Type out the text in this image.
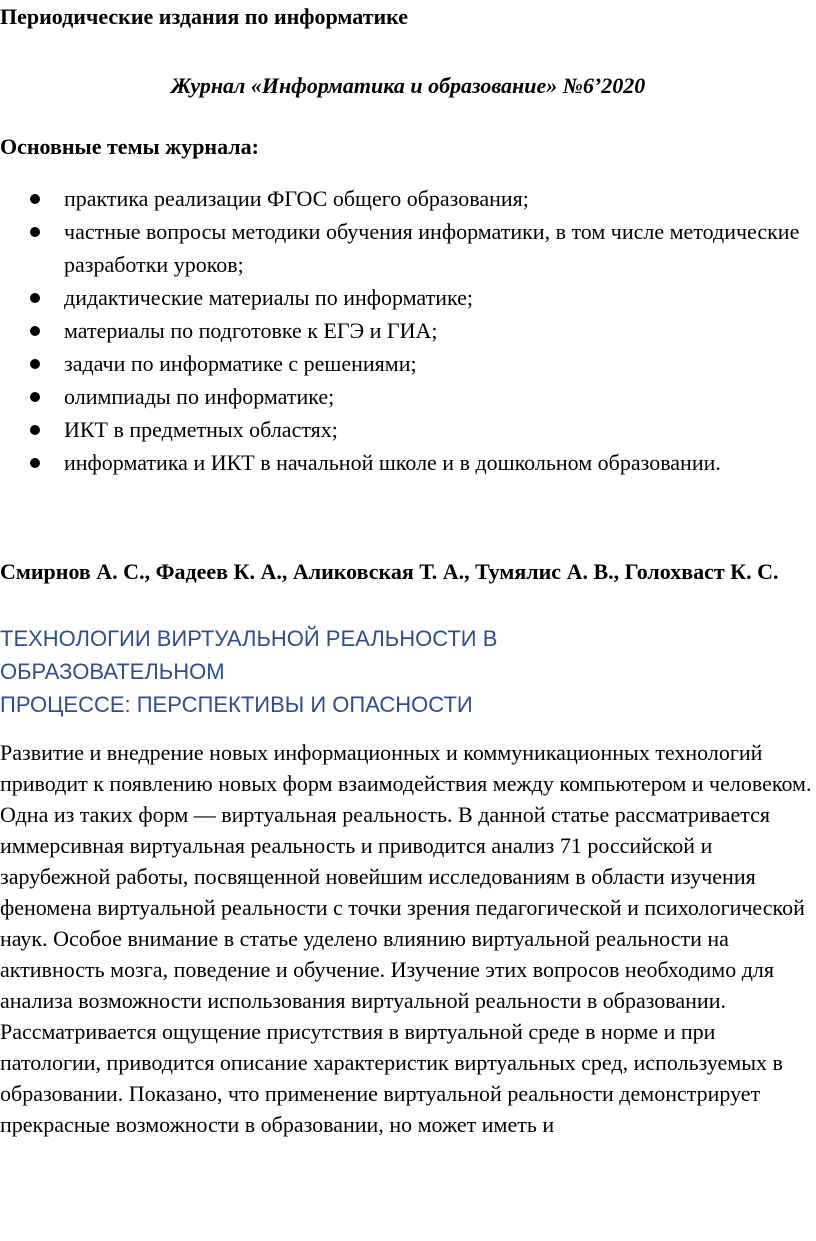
Периодические издания по информатике
Журнал «Информатика и образование» №6’2020
Основные темы журнала:
практика реализации ФГОС общего образования;
частные вопросы методики обучения информатики, в том числе методические разработки уроков;
дидактические материалы по информатике;
материалы по подготовке к ЕГЭ и ГИА;
задачи по информатике с решениями;
олимпиады по информатике;
ИКТ в предметных областях;
информатика и ИКТ в начальной школе и в дошкольном образовании.

Смирнов А. С., Фадеев К. А., Аликовская Т. А., Тумялис А. В., Голохваст К. С.

ТЕХНОЛОГИИ ВИРТУАЛЬНОЙ РЕАЛЬНОСТИ В ОБРАЗОВАТЕЛЬНОМ
ПРОЦЕССЕ: ПЕРСПЕКТИВЫ И ОПАСНОСТИ

Развитие и внедрение новых информационных и коммуникационных технологий приводит к появлению новых форм взаимодействия между компьютером и человеком. Одна из таких форм — виртуальная реальность. В данной статье рассматривается иммерсивная виртуальная реальность и приводится анализ 71 российской и зарубежной работы, посвященной новейшим исследованиям в области изучения феномена виртуальной реальности с точки зрения педагогической и психологической наук. Особое внимание в статье уделено влиянию виртуальной реальности на активность мозга, поведение и обучение. Изучение этих вопросов необходимо для анализа возможности использования виртуальной реальности в образовании. Рассматривается ощущение присутствия в виртуальной среде в норме и при патологии, приводится описание характеристик виртуальных сред, используемых в образовании. Показано, что применение виртуальной реальности демонстрирует прекрасные возможности в образовании, но может иметь и
